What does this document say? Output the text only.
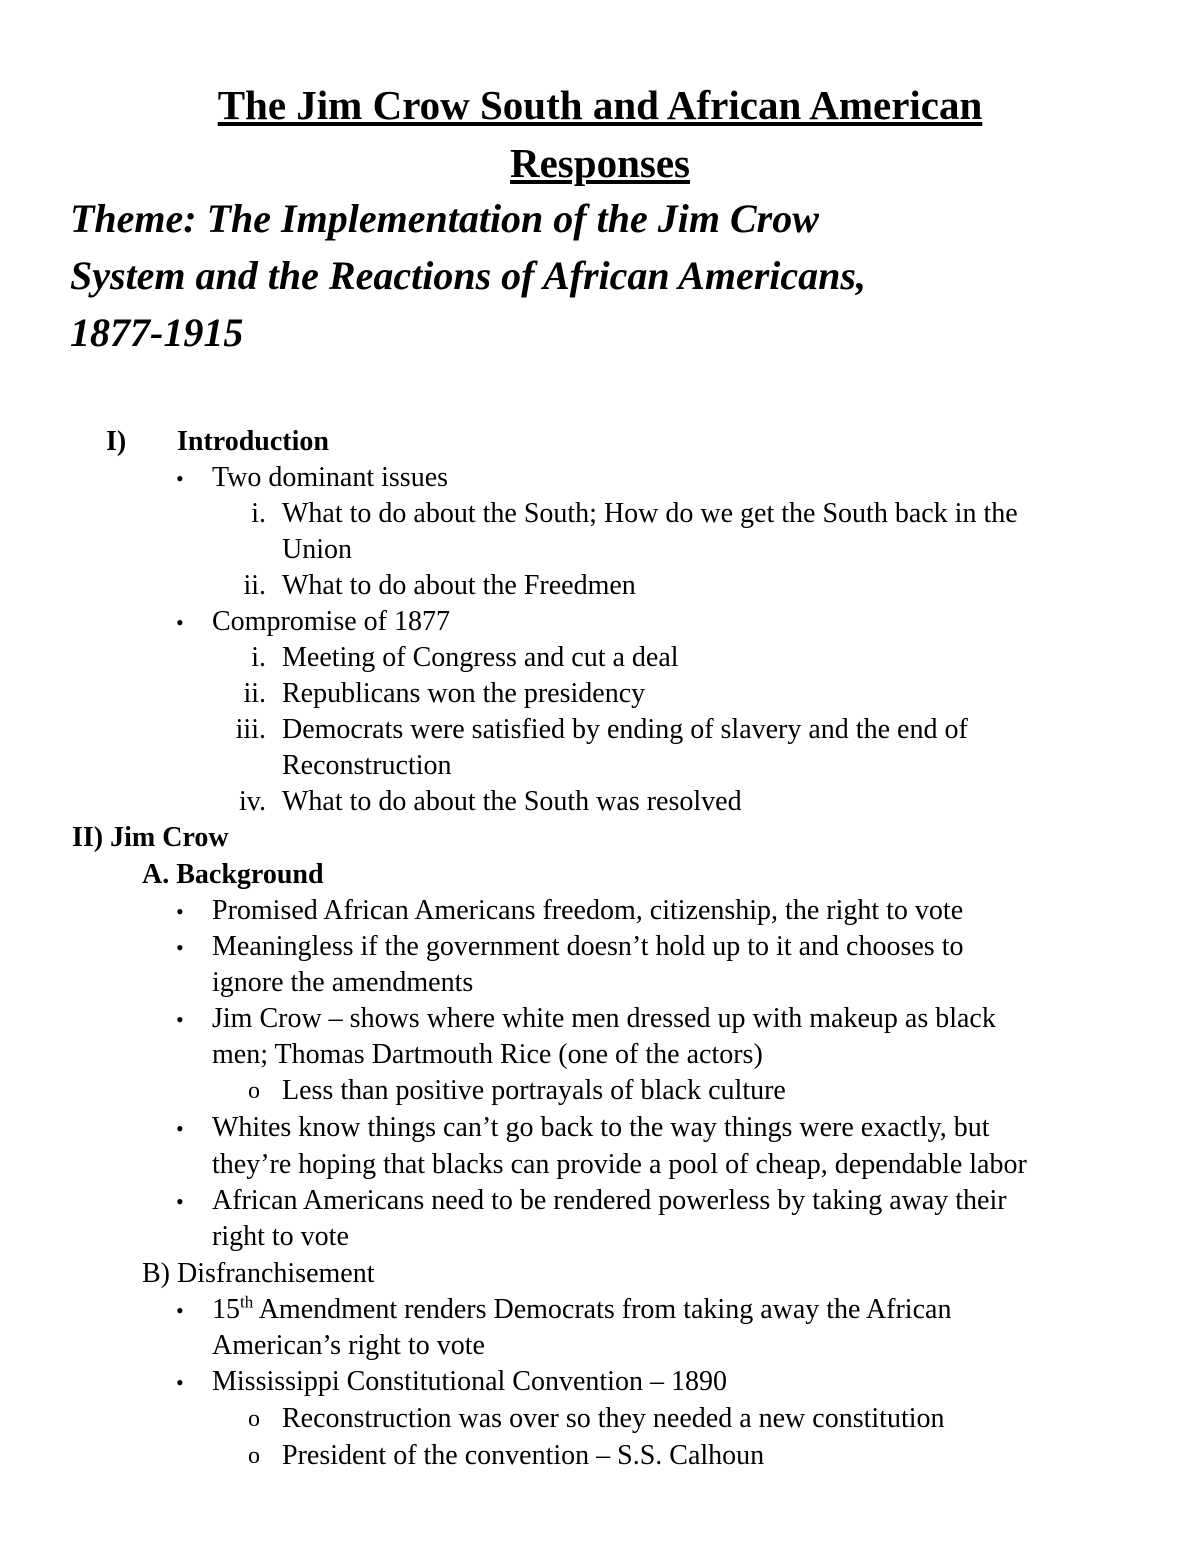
The Jim Crow South and African American
Responses
Theme: The Implementation of the Jim Crow
System and the Reactions of African Americans,
1877-1915
I) Introduction
• Two dominant issues
i. What to do about the South; How do we get the South back in the
Union
ii. What to do about the Freedmen
• Compromise of 1877
i. Meeting of Congress and cut a deal
ii. Republicans won the presidency
iii. Democrats were satisfied by ending of slavery and the end of
Reconstruction
iv. What to do about the South was resolved
II) Jim Crow
A. Background
• Promised African Americans freedom, citizenship, the right to vote
• Meaningless if the government doesn’t hold up to it and chooses to
ignore the amendments
• Jim Crow – shows where white men dressed up with makeup as black
men; Thomas Dartmouth Rice (one of the actors)
o Less than positive portrayals of black culture
• Whites know things can’t go back to the way things were exactly, but
they’re hoping that blacks can provide a pool of cheap, dependable labor
• African Americans need to be rendered powerless by taking away their
right to vote
B) Disfranchisement
• 15th Amendment renders Democrats from taking away the African
American’s right to vote
• Mississippi Constitutional Convention – 1890
o Reconstruction was over so they needed a new constitution
o President of the convention – S.S. Calhoun
